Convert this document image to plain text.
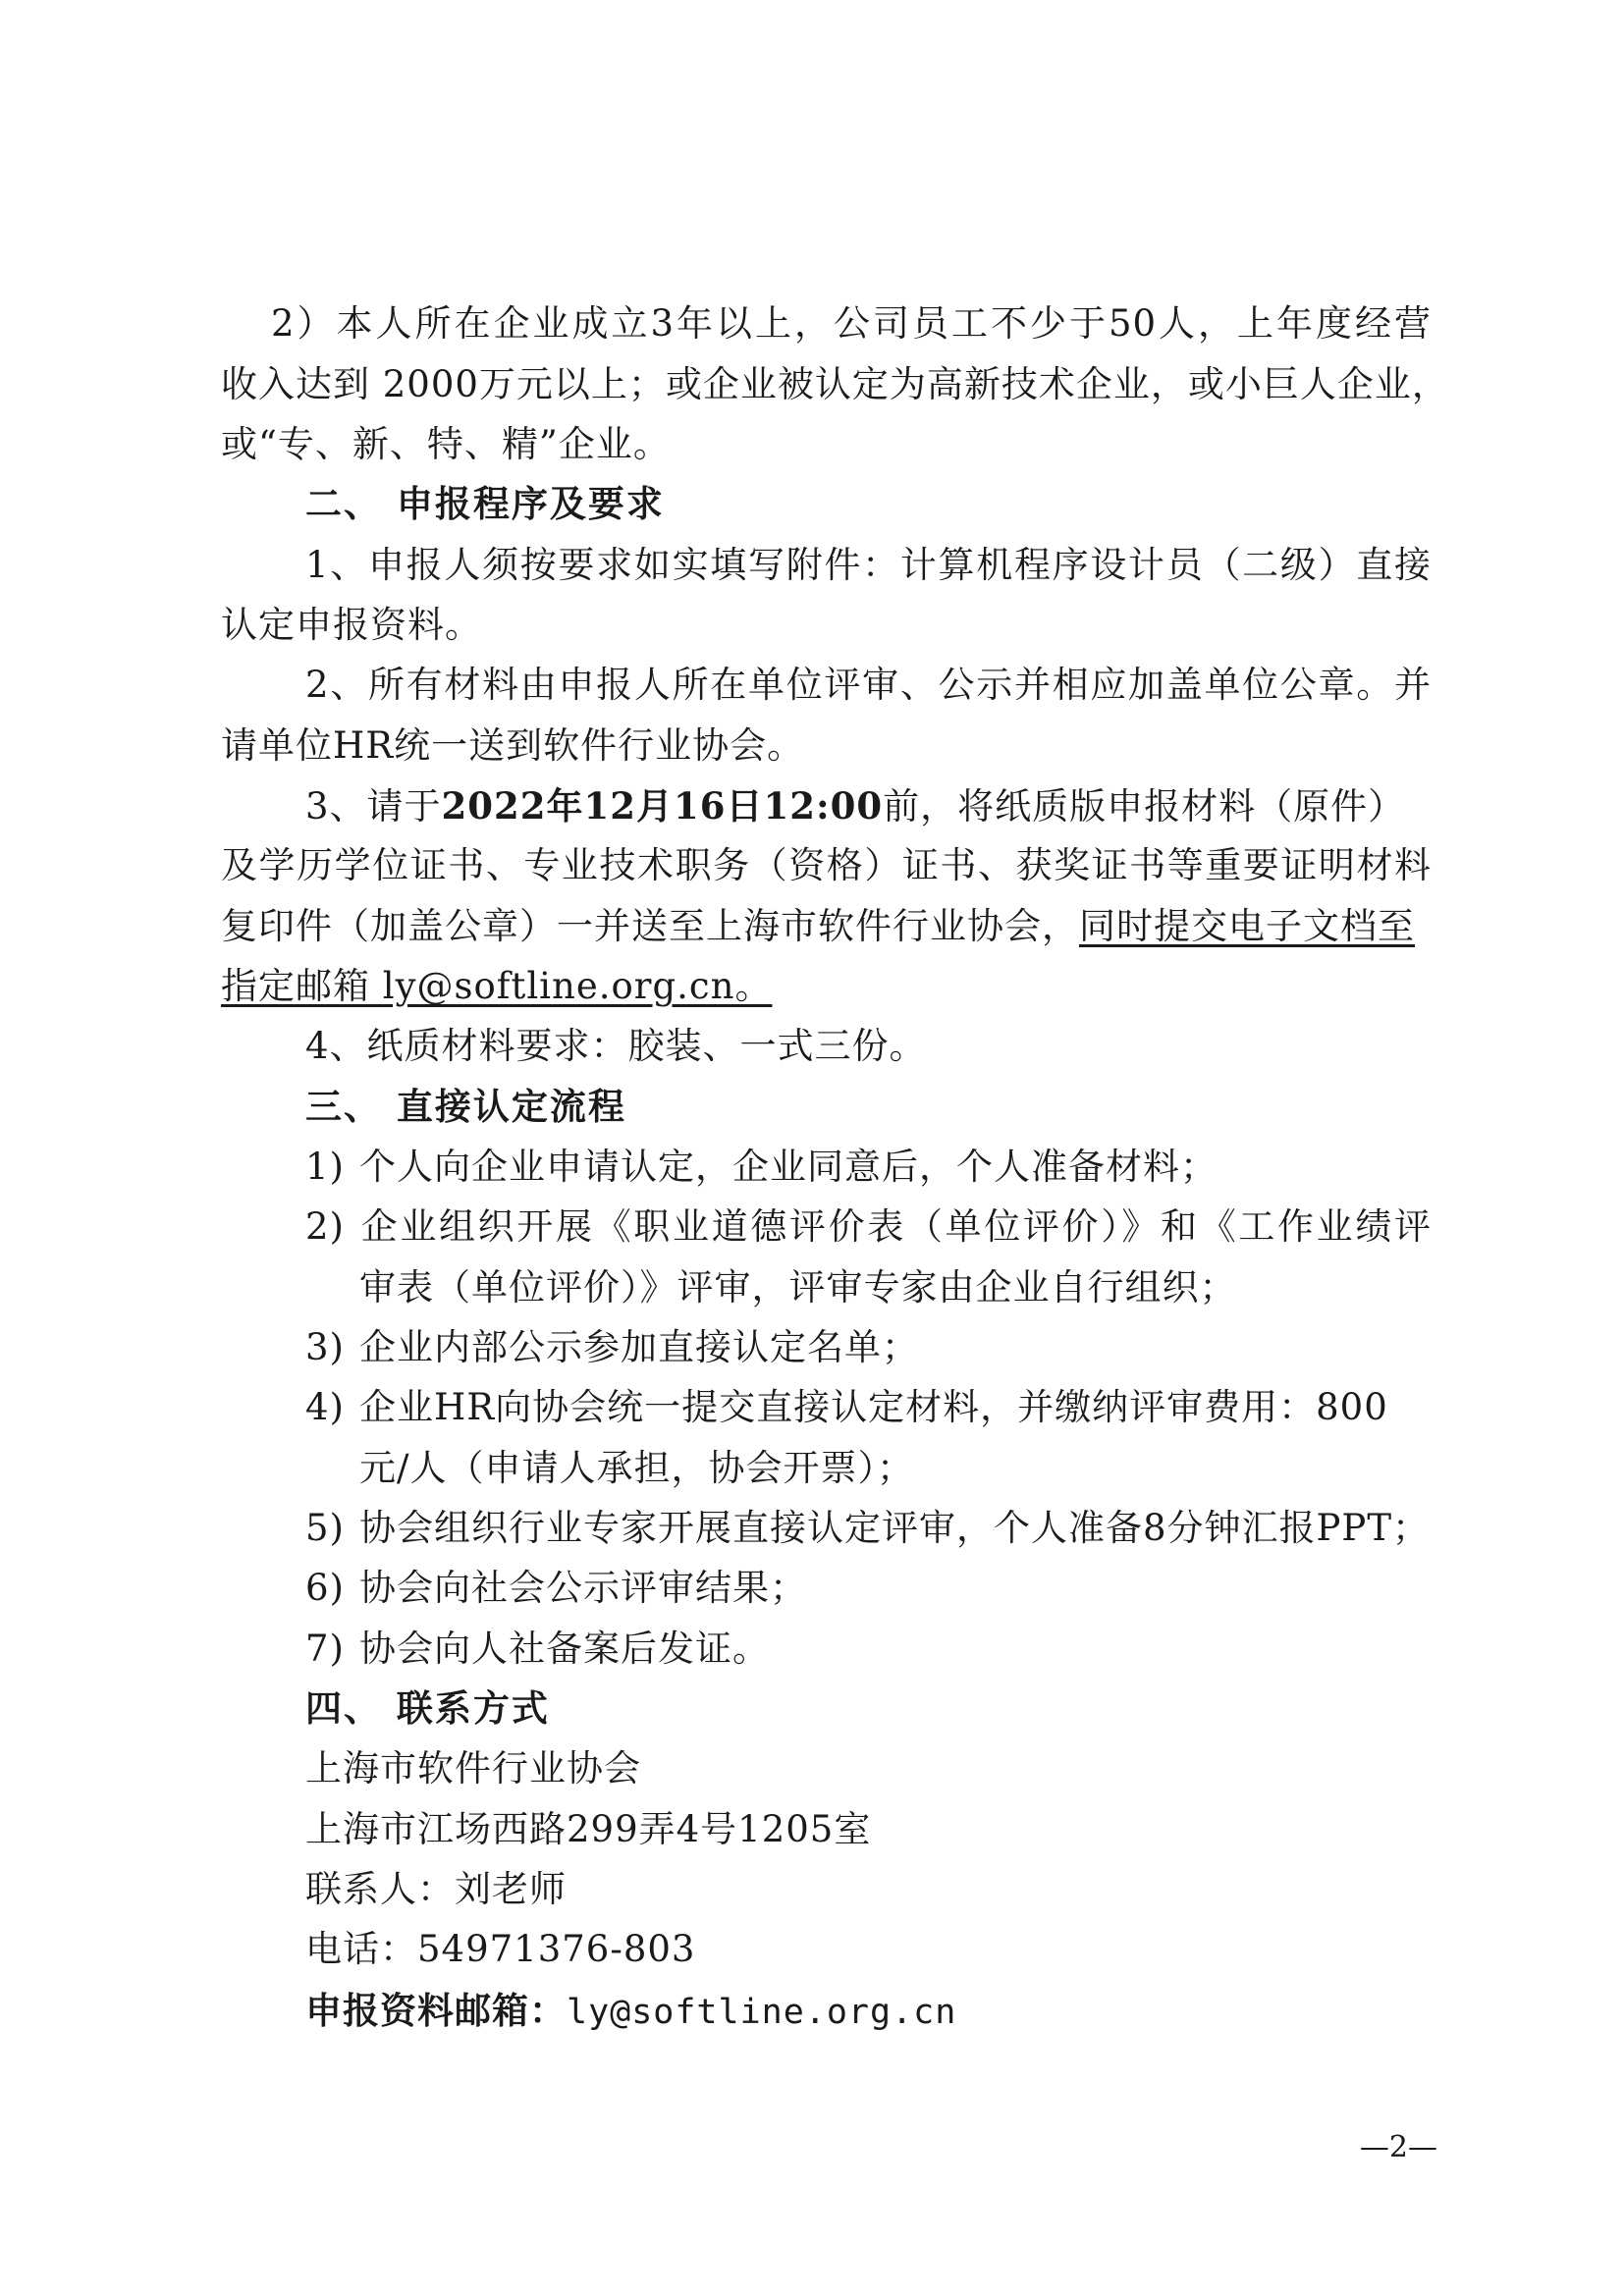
2）本人所在企业成立3年以上，公司员工不少于50人，上年度经营
收入达到 2000万元以上；或企业被认定为高新技术企业，或小巨人企业，
或“专、新、特、精”企业。
二、 申报程序及要求
1、申报人须按要求如实填写附件：计算机程序设计员（二级）直接
认定申报资料。
2、所有材料由申报人所在单位评审、公示并相应加盖单位公章。并
请单位HR统一送到软件行业协会。
3、请于2022年12月16日12:00前，将纸质版申报材料（原件）
及学历学位证书、专业技术职务（资格）证书、获奖证书等重要证明材料
复印件（加盖公章）一并送至上海市软件行业协会，同时提交电子文档至
指定邮箱 ly@softline.org.cn。
4、纸质材料要求：胶装、一式三份。
三、 直接认定流程
1) 个人向企业申请认定，企业同意后，个人准备材料；
2) 企业组织开展《职业道德评价表（单位评价）》和《工作业绩评
审表（单位评价）》评审，评审专家由企业自行组织；
3) 企业内部公示参加直接认定名单；
4) 企业HR向协会统一提交直接认定材料，并缴纳评审费用：800
元/人（申请人承担，协会开票）；
5) 协会组织行业专家开展直接认定评审，个人准备8分钟汇报PPT；
6) 协会向社会公示评审结果；
7) 协会向人社备案后发证。
四、 联系方式
上海市软件行业协会
上海市江场西路299弄4号1205室
联系人：刘老师
电话：54971376-803
申报资料邮箱：ly@softline.org.cn
—2—
